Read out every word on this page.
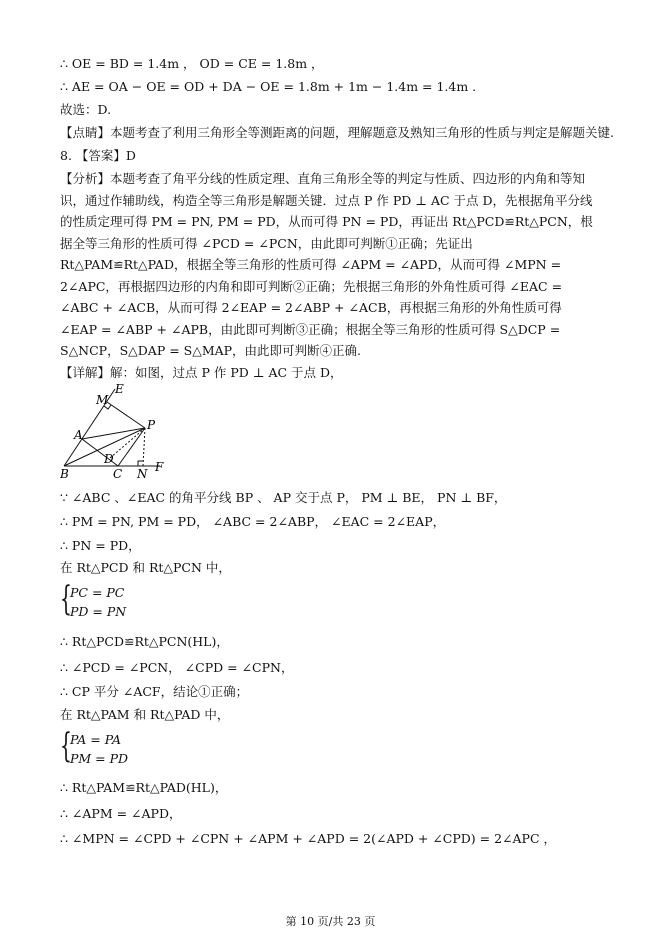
∴ OE = BD = 1.4m ， OD = CE = 1.8m ，
∴ AE = OA − OE = OD + DA − OE = 1.8m + 1m − 1.4m = 1.4m .
故选：D.
【点睛】本题考查了利用三角形全等测距离的问题，理解题意及熟知三角形的性质与判定是解题关键.
8. 【答案】D
【分析】本题考查了角平分线的性质定理、直角三角形全等的判定与性质、四边形的内角和等知识，通过作辅助线，构造全等三角形是解题关键．过点 P 作 PD ⊥ AC 于点 D，先根据角平分线的性质定理可得 PM = PN, PM = PD，从而可得 PN = PD，再证出 Rt△PCD≌Rt△PCN，根据全等三角形的性质可得 ∠PCD = ∠PCN，由此即可判断①正确；先证出 Rt△PAM≌Rt△PAD，根据全等三角形的性质可得 ∠APM = ∠APD，从而可得 ∠MPN = 2∠APC，再根据四边形的内角和即可判断②正确；先根据三角形的外角性质可得 ∠EAC = ∠ABC + ∠ACB，从而可得 2∠EAP = 2∠ABP + ∠ACB，再根据三角形的外角性质可得 ∠EAP = ∠ABP + ∠APB，由此即可判断③正确；根据全等三角形的性质可得 S△DCP = S△NCP，S△DAP = S△MAP，由此即可判断④正确.
【详解】解：如图，过点 P 作 PD ⊥ AC 于点 D，
E
M
A
P
D
B	C N F
∵ ∠ABC 、∠EAC 的角平分线 BP 、 AP 交于点 P， PM ⊥ BE， PN ⊥ BF，
∴ PM = PN, PM = PD， ∠ABC = 2∠ABP， ∠EAC = 2∠EAP，
∴ PN = PD，
在 Rt△PCD 和 Rt△PCN 中，
{
PC = PC
PD = PN
∴ Rt△PCD≌Rt△PCN(HL)，
∴ ∠PCD = ∠PCN， ∠CPD = ∠CPN，
∴ CP 平分 ∠ACF，结论①正确；
在 Rt△PAM 和 Rt△PAD 中，
{
PA = PA
PM = PD
∴ Rt△PAM≌Rt△PAD(HL)，
∴ ∠APM = ∠APD，
∴ ∠MPN = ∠CPD + ∠CPN + ∠APM + ∠APD = 2(∠APD + ∠CPD) = 2∠APC ，
第 10 页/共 23 页
